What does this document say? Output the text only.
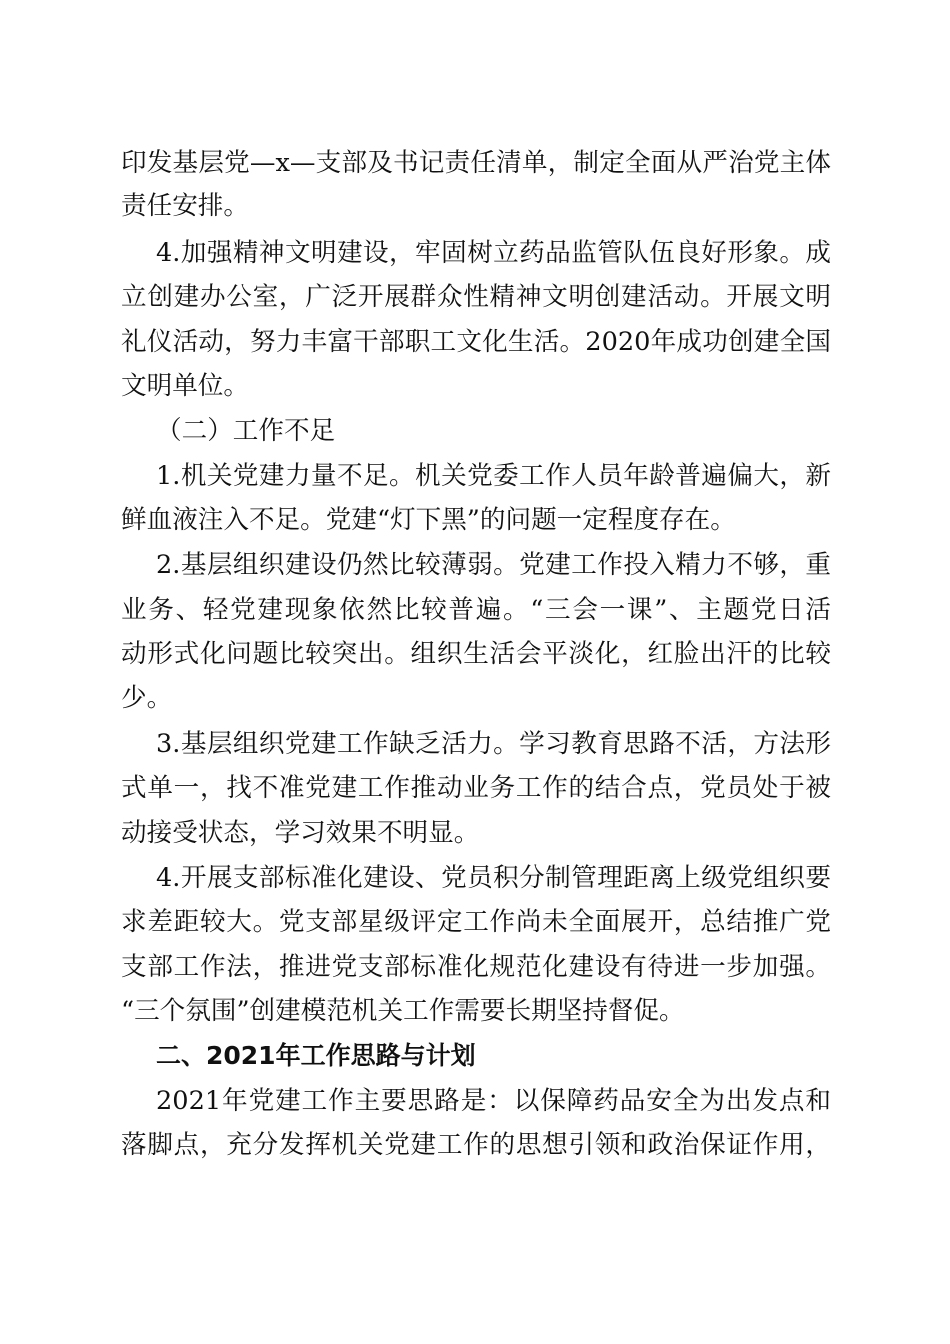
印发基层党—x—支部及书记责任清单，制定全面从严治党主体

责任安排。

4.加强精神文明建设，牢固树立药品监管队伍良好形象。成

立创建办公室，广泛开展群众性精神文明创建活动。开展文明

礼仪活动，努力丰富干部职工文化生活。2020年成功创建全国

文明单位。

（二）工作不足

1.机关党建力量不足。机关党委工作人员年龄普遍偏大，新

鲜血液注入不足。党建“灯下黑”的问题一定程度存在。

2.基层组织建设仍然比较薄弱。党建工作投入精力不够，重

业务、轻党建现象依然比较普遍。“三会一课”、主题党日活

动形式化问题比较突出。组织生活会平淡化，红脸出汗的比较

少。

3.基层组织党建工作缺乏活力。学习教育思路不活，方法形

式单一，找不准党建工作推动业务工作的结合点，党员处于被

动接受状态，学习效果不明显。

4.开展支部标准化建设、党员积分制管理距离上级党组织要

求差距较大。党支部星级评定工作尚未全面展开，总结推广党

支部工作法，推进党支部标准化规范化建设有待进一步加强。

“三个氛围”创建模范机关工作需要长期坚持督促。

二、2021年工作思路与计划

2021年党建工作主要思路是：以保障药品安全为出发点和

落脚点，充分发挥机关党建工作的思想引领和政治保证作用，
